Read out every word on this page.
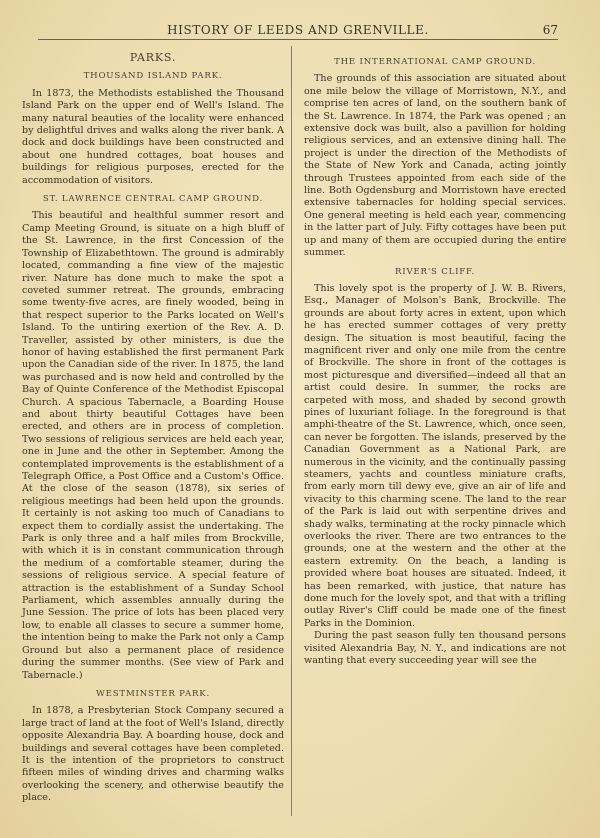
HISTORY OF LEEDS AND GRENVILLE.	67
PARKS.
THOUSAND ISLAND PARK.

In 1873, the Methodists established the Thousand Island Park on the upper end of Well's Island. The many natural beauties of the locality were enhanced by delightful drives and walks along the river bank. A dock and dock buildings have been constructed and about one hundred cottages, boat houses and buildings for religious purposes, erected for the accommodation of visitors.

ST. LAWRENCE CENTRAL CAMP GROUND.

This beautiful and healthful summer resort and Camp Meeting Ground, is situate on a high bluff of the St. Lawrence, in the first Concession of the Township of Elizabethtown. The ground is admirably located, commanding a fine view of the majestic river. Nature has done much to make the spot a coveted summer retreat. The grounds, embracing some twenty-five acres, are finely wooded, being in that respect superior to the Parks located on Well's Island. To the untiring exertion of the Rev. A. D. Traveller, assisted by other ministers, is due the honor of having established the first permanent Park upon the Canadian side of the river. In 1875, the land was purchased and is now held and controlled by the Bay of Quinte Conference of the Methodist Episcopal Church. A spacious Tabernacle, a Boarding House and about thirty beautiful Cottages have been erected, and others are in process of completion. Two sessions of religious services are held each year, one in June and the other in September. Among the contemplated improvements is the establishment of a Telegraph Office, a Post Office and a Custom's Office. At the close of the season (1878), six series of religious meetings had been held upon the grounds. It certainly is not asking too much of Canadians to expect them to cordially assist the undertaking. The Park is only three and a half miles from Brockville, with which it is in constant communication through the medium of a comfortable steamer, during the sessions of religious service. A special feature of attraction is the establishment of a Sunday School Parliament, which assembles annually during the June Session. The price of lots has been placed very low, to enable all classes to secure a summer home, the intention being to make the Park not only a Camp Ground but also a permanent place of residence during the summer months. (See view of Park and Tabernacle.)

WESTMINSTER PARK.

In 1878, a Presbyterian Stock Company secured a large tract of land at the foot of Well's Island, directly opposite Alexandria Bay. A boarding house, dock and buildings and several cottages have been completed. It is the intention of the proprietors to construct fifteen miles of winding drives and charming walks overlooking the scenery, and otherwise beautify the place.

THE INTERNATIONAL CAMP GROUND.

The grounds of this association are situated about one mile below the village of Morristown, N.Y., and comprise ten acres of land, on the southern bank of the St. Lawrence. In 1874, the Park was opened ; an extensive dock was built, also a pavillion for holding religious services, and an extensive dining hall. The project is under the direction of the Methodists of the State of New York and Canada, acting jointly through Trustees appointed from each side of the line. Both Ogdensburg and Morristown have erected extensive tabernacles for holding special services. One general meeting is held each year, commencing in the latter part of July. Fifty cottages have been put up and many of them are occupied during the entire summer.

RIVER'S CLIFF.

This lovely spot is the property of J. W. B. Rivers, Esq., Manager of Molson's Bank, Brockville. The grounds are about forty acres in extent, upon which he has erected summer cottages of very pretty design. The situation is most beautiful, facing the magnificent river and only one mile from the centre of Brockville. The shore in front of the cottages is most picturesque and diversified—indeed all that an artist could desire. In summer, the rocks are carpeted with moss, and shaded by second growth pines of luxuriant foliage. In the foreground is that amphi-theatre of the St. Lawrence, which, once seen, can never be forgotten. The islands, preserved by the Canadian Government as a National Park, are numerous in the vicinity, and the continually passing steamers, yachts and countless miniature crafts, from early morn till dewy eve, give an air of life and vivacity to this charming scene. The land to the rear of the Park is laid out with serpentine drives and shady walks, terminating at the rocky pinnacle which overlooks the river. There are two entrances to the grounds, one at the western and the other at the eastern extremity. On the beach, a landing is provided where boat houses are situated. Indeed, it has been remarked, with justice, that nature has done much for the lovely spot, and that with a trifling outlay River's Cliff could be made one of the finest Parks in the Dominion.

During the past season fully ten thousand persons visited Alexandria Bay, N. Y., and indications are not wanting that every succeeding year will see the
